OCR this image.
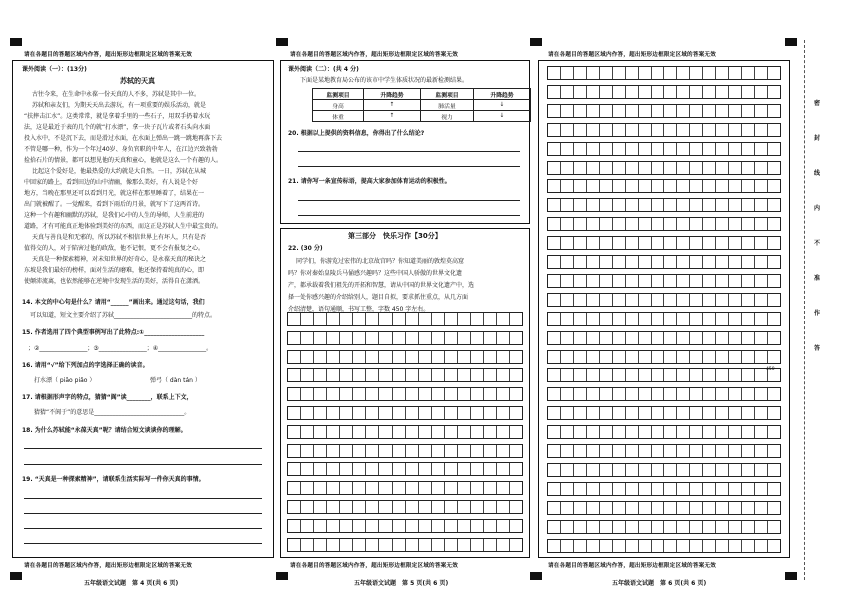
请在各题目的答题区域内作答，超出矩形边框限定区域的答案无效
课外阅读（一）：(13分)
苏轼的天真
古往今来，在生命中永葆一份天真的人不多，苏轼是其中一位。
苏轼和亲友们，为期天天出去游玩，有一项重要的娱乐活动，就是
“扶摔击江水”。这类常常，就是拿着手里的一些石子，用双手扔着水玩
法，这是最近于表的几个的就“打水漂”，拿一块子瓦片或者石头向水面
投入水中，不是沉下去，而是滑过水面，在水面上弹出一跳一跳地再落下去
不管是哪一种，作为一个年过40岁、身负官职的中年人，在江边兴致勃勃
捡拾石片的情景，都可以想见他的天真和童心，他就是这么一个有趣的人。
比起这个爱好是，他最热爱的大约就是大自然。一日，苏轼在从城
中回家的路上，看到田边的山中清幽，像那么美好，有人说是个好
地方，当晚在那里还可以看到月光，就这样在那里睡着了，结果在一
出门就被醒了。一觉醒来，看到下雨后的月景，就写下了这两首诗。
这种一个有趣和幽默的苏轼，是我们心中的人生的导师，人生前进的
道路，才有可能真正地体验到美好的东西，而这正是苏轼人生中最宝贵的。
天真与善良是和无邪的，所以苏轼不相信世界上有坏人，只有是否
值得交的人，对于陷害过他的政敌，他不记恨，更不会有报复之心。
天真是一种探索精神，对未知世界的好奇心，是永葆天真的秘诀之
东坡是我们最好的榜样，面对生活的磨难，他还保持着纯真的心，即
使颠沛流离，也依然能够在逆境中发现生活的美好，活得自在潇洒。
14. 本文的中心句是什么？请用“______”画出来。通过这句话，我们
可以知道，短文主要介绍了苏轼__________________________的特点。
15. 作者选用了四个典型事例写出了此特点:①____________________
；②________________；③________________；④________________。
16. 请用“√”给下列加点的字选择正确的读音。
打水漂（ piāo piǎo ）	弹弓（ dàn tán ）
17. 请根据形声字的特点，猜猜“阆”读________，联系上下文，
猜猜“不阆于”的意思是______________________________。
18. 为什么苏轼能“永葆天真”呢？请结合短文谈谈你的理解。
19. “天真是一种探索精神”，请联系生活实际写一件你天真的事情。
请在各题目的答题区域内作答，超出矩形边框限定区域的答案无效
五年级语文试题　第 4 页(共 6 页)
请在各题目的答题区域内作答，超出矩形边框限定区域的答案无效
课外阅读（二）：(共 4 分)
下面是某地教育局公布的该市中学生体质状况的最新检测结果。
监测项目	升降趋势	监测项目	升降趋势
身高	↑	肺活量	↓
体重	↑	视力	↓
20. 根据以上提供的资料信息，你得出了什么结论?
21. 请你写一条宣传标语，提高大家参加体育运动的积极性。
第三部分　快乐习作【30分】
22. (30 分)
同学们，你游览过宏伟的北京故宫吗？你知道美丽的敦煌莫高窟
吗？你对秦始皇陵兵马俑感兴趣吗？这些中国人骄傲的世界文化遗
产，都承载着我们祖先的开拓和智慧，请从中国的世界文化遗产中，选
择一处你感兴趣的介绍给别人，题目自拟，要求抓住重点，从几方面
介绍清楚，语句通顺，书写工整，字数 450 字左右。
请在各题目的答题区域内作答，超出矩形边框限定区域的答案无效
五年级语文试题　第 5 页(共 6 页)
请在各题目的答题区域内作答，超出矩形边框限定区域的答案无效
450
请在各题目的答题区域内作答，超出矩形边框限定区域的答案无效
五年级语文试题　第 6 页(共 6 页)
密
封
线
内
不
准
作
答
